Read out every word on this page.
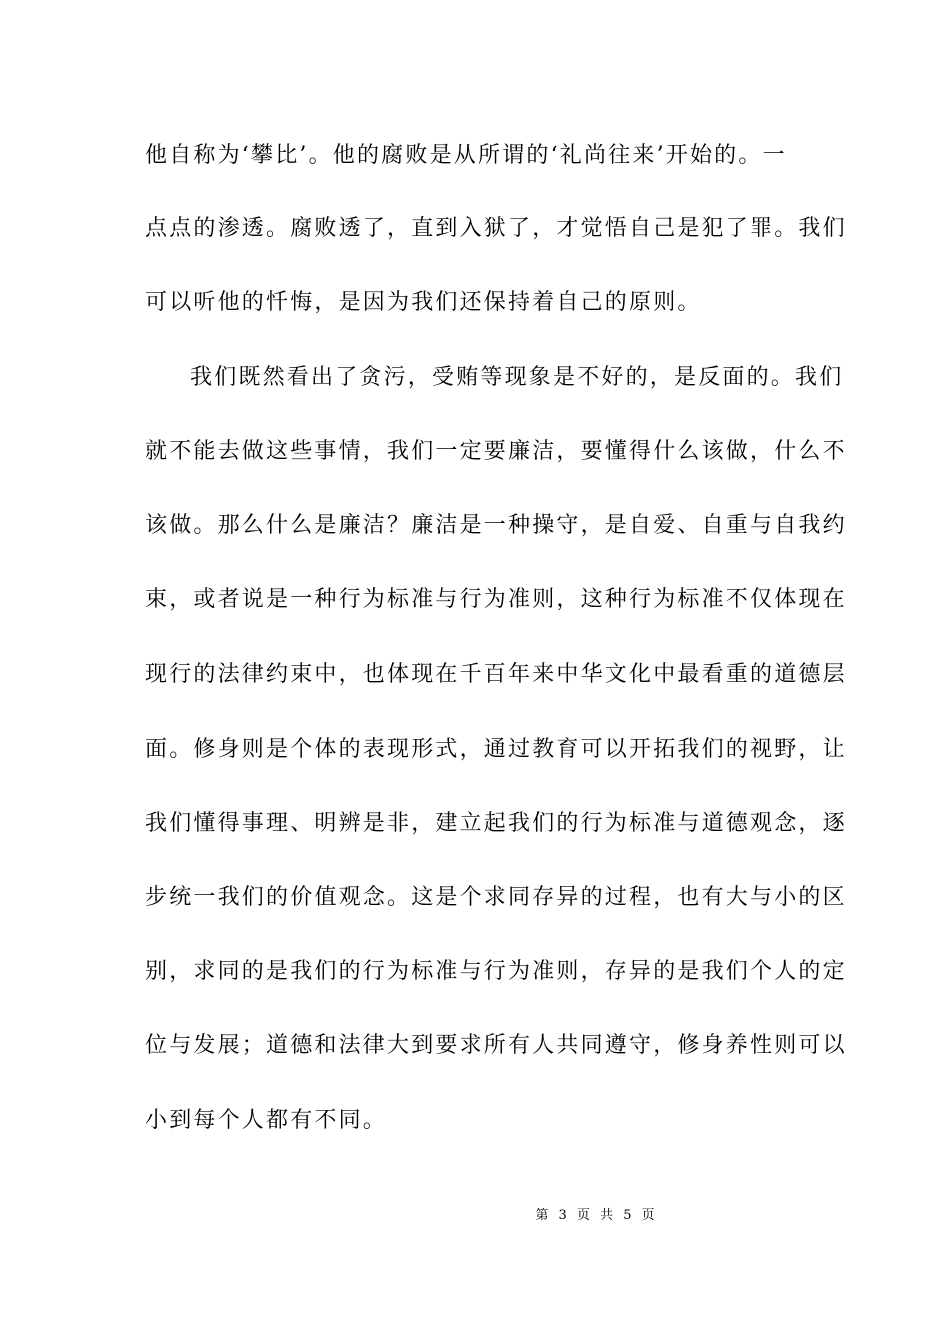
他自称为‘攀比’。他的腐败是从所谓的‘礼尚往来’开始的。一
点点的渗透。腐败透了，直到入狱了，才觉悟自己是犯了罪。我们
可以听他的忏悔，是因为我们还保持着自己的原则。
我们既然看出了贪污，受贿等现象是不好的，是反面的。我们
就不能去做这些事情，我们一定要廉洁，要懂得什么该做，什么不
该做。那么什么是廉洁？廉洁是一种操守，是自爱、自重与自我约
束，或者说是一种行为标准与行为准则，这种行为标准不仅体现在
现行的法律约束中，也体现在千百年来中华文化中最看重的道德层
面。修身则是个体的表现形式，通过教育可以开拓我们的视野，让
我们懂得事理、明辨是非，建立起我们的行为标准与道德观念，逐
步统一我们的价值观念。这是个求同存异的过程，也有大与小的区
别，求同的是我们的行为标准与行为准则，存异的是我们个人的定
位与发展；道德和法律大到要求所有人共同遵守，修身养性则可以
小到每个人都有不同。
第 3 页 共 5 页
